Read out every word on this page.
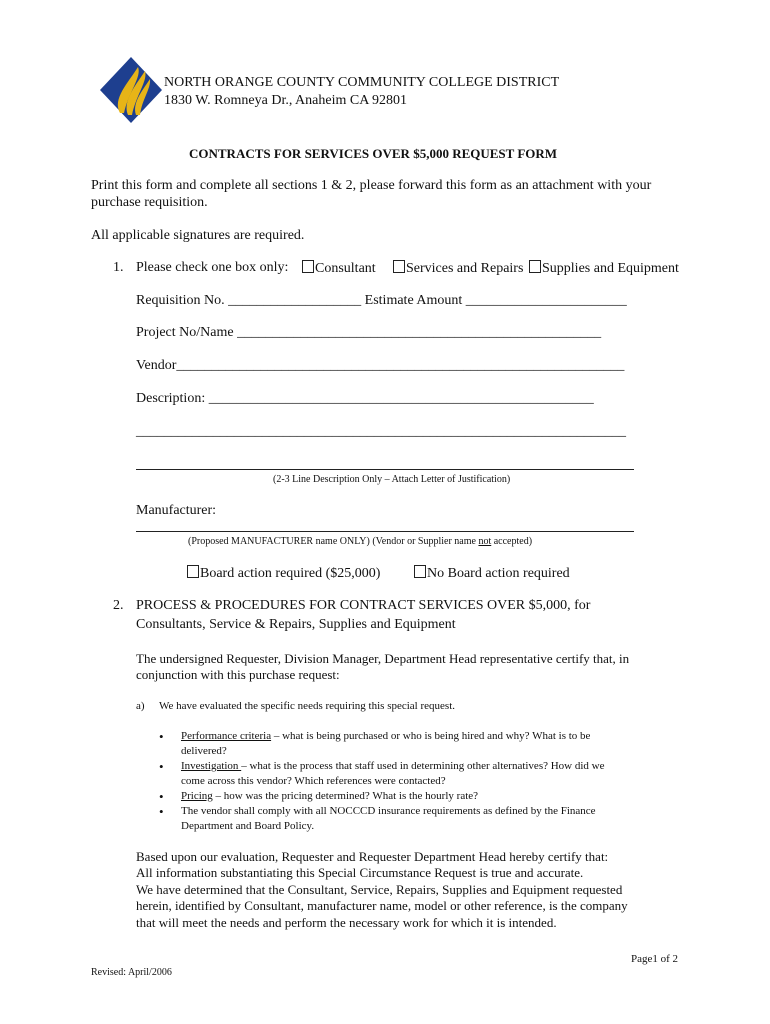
NORTH ORANGE COUNTY COMMUNITY COLLEGE DISTRICT
1830 W. Romneya Dr., Anaheim CA 92801
CONTRACTS FOR SERVICES OVER $5,000 REQUEST FORM
Print this form and complete all sections 1 & 2, please forward this form as an attachment with your
purchase requisition.
All applicable signatures are required.
1. Please check one box only:	Consultant	Services and Repairs	Supplies and Equipment
Requisition No. ___________________ Estimate Amount _______________________
Project No/Name ____________________________________________________
Vendor________________________________________________________________
Description: _______________________________________________________
______________________________________________________________________
(2-3 Line Description Only – Attach Letter of Justification)
Manufacturer:
(Proposed MANUFACTURER name ONLY) (Vendor or Supplier name not accepted)
Board action required ($25,000)	No Board action required
2. PROCESS & PROCEDURES FOR CONTRACT SERVICES OVER $5,000, for
Consultants, Service & Repairs, Supplies and Equipment
The undersigned Requester, Division Manager, Department Head representative certify that, in
conjunction with this purchase request:
a) We have evaluated the specific needs requiring this special request.
• Performance criteria – what is being purchased or who is being hired and why? What is to be
delivered?
• Investigation – what is the process that staff used in determining other alternatives? How did we
come across this vendor? Which references were contacted?
• Pricing – how was the pricing determined? What is the hourly rate?
• The vendor shall comply with all NOCCCD insurance requirements as defined by the Finance
Department and Board Policy.
Based upon our evaluation, Requester and Requester Department Head hereby certify that:
All information substantiating this Special Circumstance Request is true and accurate.
We have determined that the Consultant, Service, Repairs, Supplies and Equipment requested
herein, identified by Consultant, manufacturer name, model or other reference, is the company
that will meet the needs and perform the necessary work for which it is intended.
Page1 of 2
Revised: April/2006
